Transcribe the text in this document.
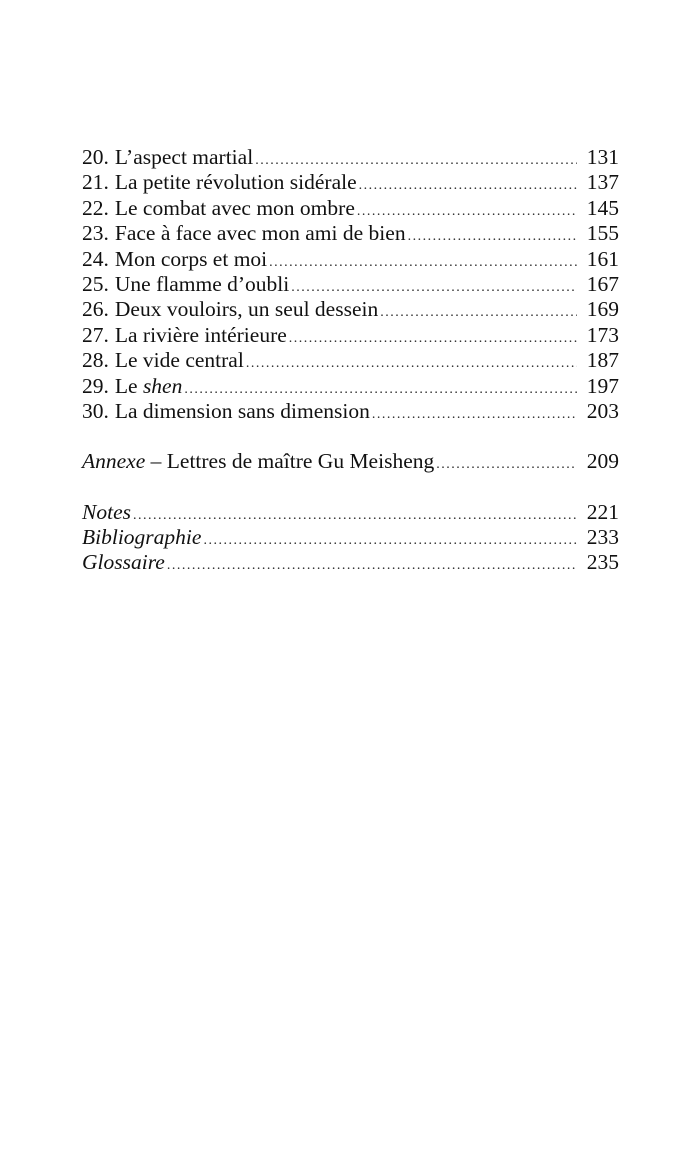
20. L’aspect martial .....	131
21. La petite révolution sidérale .....	137
22. Le combat avec mon ombre .....	145
23. Face à face avec mon ami de bien .....	155
24. Mon corps et moi .....	161
25. Une flamme d’oubli .....	167
26. Deux vouloirs, un seul dessein .....	169
27. La rivière intérieure .....	173
28. Le vide central .....	187
29. Le shen .....	197
30. La dimension sans dimension .....	203
Annexe – Lettres de maître Gu Meisheng .....	209
Notes .....	221
Bibliographie .....	233
Glossaire .....	235
